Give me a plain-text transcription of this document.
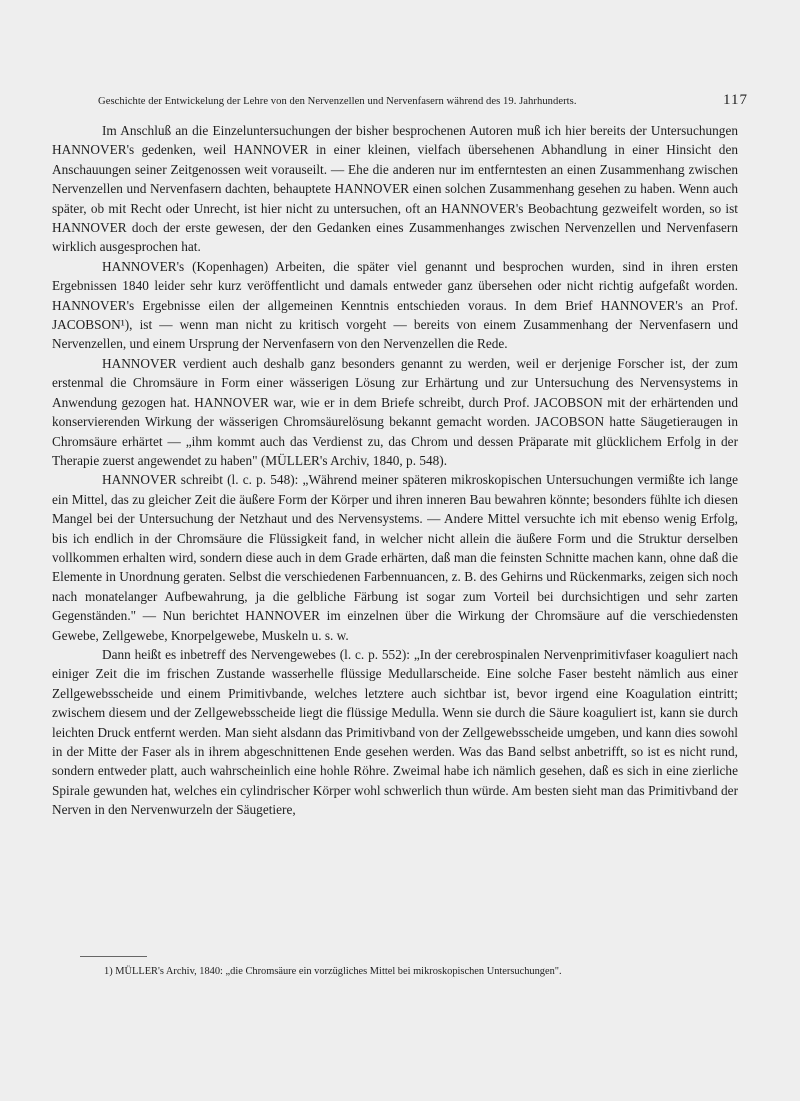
Geschichte der Entwickelung der Lehre von den Nervenzellen und Nervenfasern während des 19. Jahrhunderts.	117

Im Anschluß an die Einzeluntersuchungen der bisher besprochenen Autoren muß ich hier bereits der Untersuchungen HANNOVER's gedenken, weil HANNOVER in einer kleinen, vielfach übersehenen Abhandlung in einer Hinsicht den Anschauungen seiner Zeitgenossen weit vorauseilt. — Ehe die anderen nur im entferntesten an einen Zusammenhang zwischen Nervenzellen und Nervenfasern dachten, behauptete HANNOVER einen solchen Zusammenhang gesehen zu haben. Wenn auch später, ob mit Recht oder Unrecht, ist hier nicht zu untersuchen, oft an HANNOVER's Beobachtung gezweifelt worden, so ist HANNOVER doch der erste gewesen, der den Gedanken eines Zusammenhanges zwischen Nervenzellen und Nervenfasern wirklich ausgesprochen hat.

HANNOVER's (Kopenhagen) Arbeiten, die später viel genannt und besprochen wurden, sind in ihren ersten Ergebnissen 1840 leider sehr kurz veröffentlicht und damals entweder ganz übersehen oder nicht richtig aufgefaßt worden. HANNOVER's Ergebnisse eilen der allgemeinen Kenntnis entschieden voraus. In dem Brief HANNOVER's an Prof. JACOBSON¹), ist — wenn man nicht zu kritisch vorgeht — bereits von einem Zusammenhang der Nervenfasern und Nervenzellen, und einem Ursprung der Nervenfasern von den Nervenzellen die Rede.

HANNOVER verdient auch deshalb ganz besonders genannt zu werden, weil er derjenige Forscher ist, der zum erstenmal die Chromsäure in Form einer wässerigen Lösung zur Erhärtung und zur Untersuchung des Nervensystems in Anwendung gezogen hat. HANNOVER war, wie er in dem Briefe schreibt, durch Prof. JACOBSON mit der erhärtenden und konservierenden Wirkung der wässerigen Chromsäurelösung bekannt gemacht worden. JACOBSON hatte Säugetieraugen in Chromsäure erhärtet — „ihm kommt auch das Verdienst zu, das Chrom und dessen Präparate mit glücklichem Erfolg in der Therapie zuerst angewendet zu haben" (MÜLLER's Archiv, 1840, p. 548).

HANNOVER schreibt (l. c. p. 548): „Während meiner späteren mikroskopischen Untersuchungen vermißte ich lange ein Mittel, das zu gleicher Zeit die äußere Form der Körper und ihren inneren Bau bewahren könnte; besonders fühlte ich diesen Mangel bei der Untersuchung der Netzhaut und des Nervensystems. — Andere Mittel versuchte ich mit ebenso wenig Erfolg, bis ich endlich in der Chromsäure die Flüssigkeit fand, in welcher nicht allein die äußere Form und die Struktur derselben vollkommen erhalten wird, sondern diese auch in dem Grade erhärten, daß man die feinsten Schnitte machen kann, ohne daß die Elemente in Unordnung geraten. Selbst die verschiedenen Farbennuancen, z. B. des Gehirns und Rückenmarks, zeigen sich noch nach monatelanger Aufbewahrung, ja die gelbliche Färbung ist sogar zum Vorteil bei durchsichtigen und sehr zarten Gegenständen." — Nun berichtet HANNOVER im einzelnen über die Wirkung der Chromsäure auf die verschiedensten Gewebe, Zellgewebe, Knorpelgewebe, Muskeln u. s. w.

Dann heißt es inbetreff des Nervengewebes (l. c. p. 552): „In der cerebrospinalen Nervenprimitivfaser koaguliert nach einiger Zeit die im frischen Zustande wasserhelle flüssige Medullarscheide. Eine solche Faser besteht nämlich aus einer Zellgewebsscheide und einem Primitivbande, welches letztere auch sichtbar ist, bevor irgend eine Koagulation eintritt; zwischem diesem und der Zellgewebsscheide liegt die flüssige Medulla. Wenn sie durch die Säure koaguliert ist, kann sie durch leichten Druck entfernt werden. Man sieht alsdann das Primitivband von der Zellgewebsscheide umgeben, und kann dies sowohl in der Mitte der Faser als in ihrem abgeschnittenen Ende gesehen werden. Was das Band selbst anbetrifft, so ist es nicht rund, sondern entweder platt, auch wahrscheinlich eine hohle Röhre. Zweimal habe ich nämlich gesehen, daß es sich in eine zierliche Spirale gewunden hat, welches ein cylindrischer Körper wohl schwerlich thun würde. Am besten sieht man das Primitivband der Nerven in den Nervenwurzeln der Säugetiere,

1) MÜLLER's Archiv, 1840: „die Chromsäure ein vorzügliches Mittel bei mikroskopischen Untersuchungen".
